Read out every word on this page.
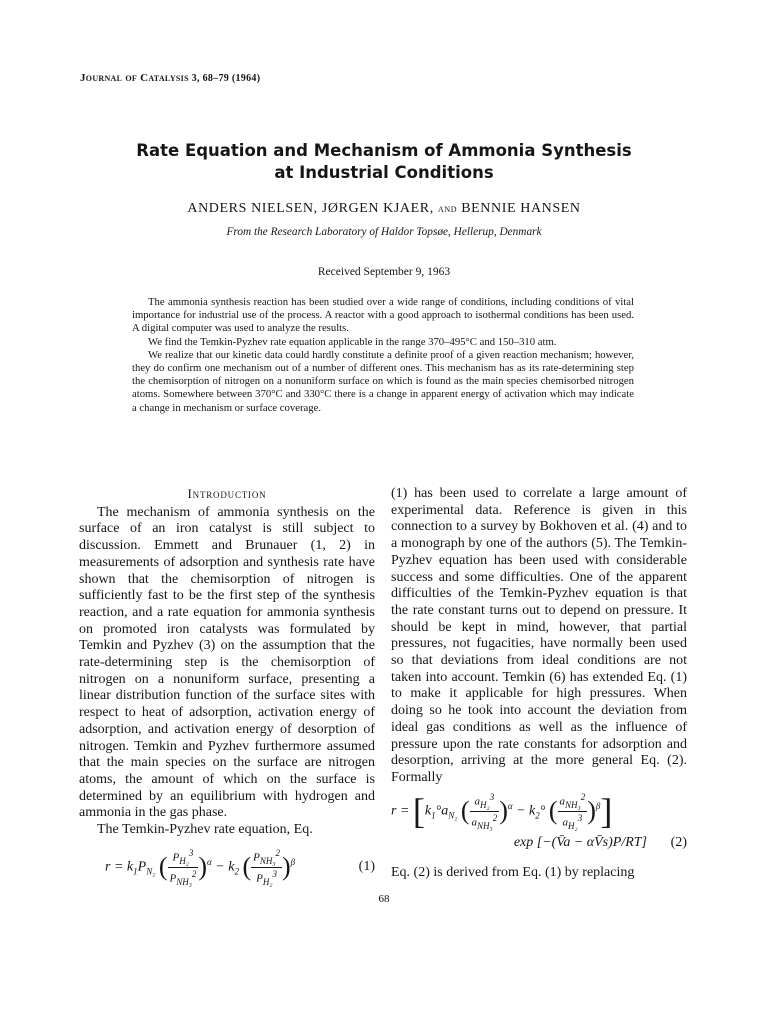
Journal of Catalysis 3, 68–79 (1964)
Rate Equation and Mechanism of Ammonia Synthesis
at Industrial Conditions
ANDERS NIELSEN, JØRGEN KJAER, and BENNIE HANSEN
From the Research Laboratory of Haldor Topsøe, Hellerup, Denmark
Received September 9, 1963

The ammonia synthesis reaction has been studied over a wide range of conditions, including conditions of vital importance for industrial use of the process. A reactor with a good approach to isothermal conditions has been used. A digital computer was used to analyze the results.

We find the Temkin-Pyzhev rate equation applicable in the range 370–495°C and 150–310 atm.

We realize that our kinetic data could hardly constitute a definite proof of a given reaction mechanism; however, they do confirm one mechanism out of a number of different ones. This mechanism has as its rate-determining step the chemisorption of nitrogen on a nonuniform surface on which is found as the main species chemisorbed nitrogen atoms. Somewhere between 370°C and 330°C there is a change in apparent energy of activation which may indicate a change in mechanism or surface coverage.

Introduction

The mechanism of ammonia synthesis on the surface of an iron catalyst is still subject to discussion. Emmett and Brunauer (1, 2) in measurements of adsorption and synthesis rate have shown that the chemisorption of nitrogen is sufficiently fast to be the first step of the synthesis reaction, and a rate equation for ammonia synthesis on promoted iron catalysts was formulated by Temkin and Pyzhev (3) on the assumption that the rate-determining step is the chemisorption of nitrogen on a nonuniform surface, presenting a linear distribution function of the surface sites with respect to heat of adsorption, activation energy of adsorption, and activation energy of desorption of nitrogen. Temkin and Pyzhev furthermore assumed that the main species on the surface are nitrogen atoms, the amount of which on the surface is determined by an equilibrium with hydrogen and ammonia in the gas phase.

The Temkin-Pyzhev rate equation, Eq.

$r = k_1P_{N_2}$ ( $\frac{P_{H_2}^3}{P_{NH_3}^2} )^\alpha - k_2$ ( $\frac{P_{NH_3}^2}{P_{H_2}^3} )^\beta$	(1)

(1) has been used to correlate a large amount of experimental data. Reference is given in this connection to a survey by Bokhoven et al. (4) and to a monograph by one of the authors (5). The Temkin-Pyzhev equation has been used with considerable success and some difficulties. One of the apparent difficulties of the Temkin-Pyzhev equation is that the rate constant turns out to depend on pressure. It should be kept in mind, however, that partial pressures, not fugacities, have normally been used so that deviations from ideal conditions are not taken into account. Temkin (6) has extended Eq. (1) to make it applicable for high pressures. When doing so he took into account the deviation from ideal gas conditions as well as the influence of pressure upon the rate constants for adsorption and desorption, arriving at the more general Eq. (2). Formally

$r = [k_1^\circ a_{N_2}$ ( $\frac{a_{H_2}^3}{a_{NH_3}^2} )^\alpha - k_2^\circ$ ( $\frac{a_{NH_3}^2}{a_{H_2}^3} )^\beta$]
exp [−(V̄a − αV̄s)P/RT] (2)

Eq. (2) is derived from Eq. (1) by replacing

68
